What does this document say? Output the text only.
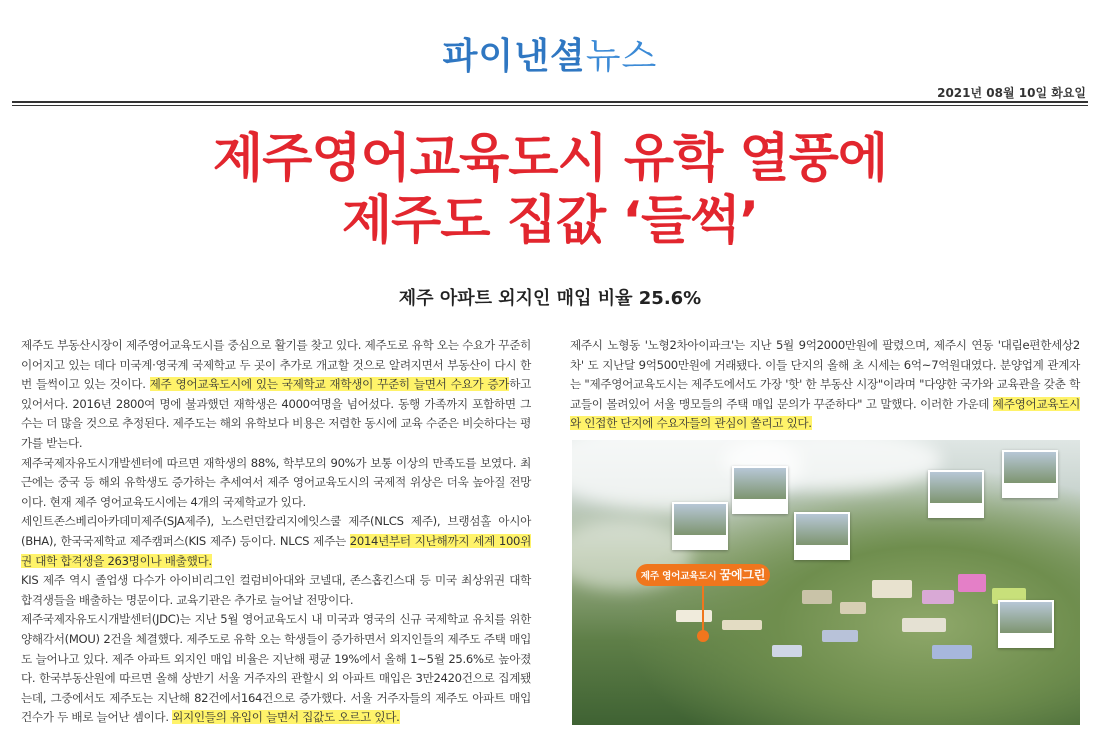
파이낸셜뉴스
2021년 08월 10일 화요일
제주영어교육도시 유학 열풍에
제주도 집값 ‘들썩’
제주 아파트 외지인 매입 비율 25.6%

제주도 부동산시장이 제주영어교육도시를 중심으로 활기를 찾고 있다. 제주도로 유학 오는 수요가 꾸준히 이어지고 있는 데다 미국계·영국계 국제학교 두 곳이 추가로 개교할 것으로 알려지면서 부동산이 다시 한번 들썩이고 있는 것이다. 제주 영어교육도시에 있는 국제학교 재학생이 꾸준히 늘면서 수요가 증가하고 있어서다. 2016년 2800여 명에 불과했던 재학생은 4000여명을 넘어섰다. 동행 가족까지 포함하면 그 수는 더 많을 것으로 추정된다. 제주도는 해외 유학보다 비용은 저렴한 동시에 교육 수준은 비슷하다는 평가를 받는다.

제주국제자유도시개발센터에 따르면 재학생의 88%, 학부모의 90%가 보통 이상의 만족도를 보였다. 최근에는 중국 등 해외 유학생도 증가하는 추세여서 제주 영어교육도시의 국제적 위상은 더욱 높아질 전망이다. 현재 제주 영어교육도시에는 4개의 국제학교가 있다.

세인트존스베리아카데미제주(SJA제주), 노스런던칼리지에잇스쿨 제주(NLCS 제주), 브랭섬홀 아시아(BHA), 한국국제학교 제주캠퍼스(KIS 제주) 등이다. NLCS 제주는 2014년부터 지난해까지 세계 100위권 대학 합격생을 263명이나 배출했다.

KIS 제주 역시 졸업생 다수가 아이비리그인 컬럼비아대와 코넬대, 존스홉킨스대 등 미국 최상위권 대학 합격생들을 배출하는 명문이다. 교육기관은 추가로 늘어날 전망이다.

제주국제자유도시개발센터(JDC)는 지난 5월 영어교육도시 내 미국과 영국의 신규 국제학교 유치를 위한 양해각서(MOU) 2건을 체결했다. 제주도로 유학 오는 학생들이 증가하면서 외지인들의 제주도 주택 매입도 늘어나고 있다. 제주 아파트 외지인 매입 비율은 지난해 평균 19%에서 올해 1~5월 25.6%로 높아졌다. 한국부동산원에 따르면 올해 상반기 서울 거주자의 관할시 외 아파트 매입은 3만2420건으로 집계됐는데, 그중에서도 제주도는 지난해 82건에서164건으로 증가했다. 서울 거주자들의 제주도 아파트 매입 건수가 두 배로 늘어난 셈이다. 외지인들의 유입이 늘면서 집값도 오르고 있다.

제주시 노형동 '노형2차아이파크'는 지난 5월 9억2000만원에 팔렸으며, 제주시 연동 '대림e편한세상2차' 도 지난달 9억500만원에 거래됐다. 이들 단지의 올해 초 시세는 6억~7억원대였다. 분양업계 관계자는 "제주영어교육도시는 제주도에서도 가장 '핫' 한 부동산 시장"이라며 "다양한 국가와 교육관을 갖춘 학교들이 몰려있어 서울 맹모들의 주택 매입 문의가 꾸준하다" 고 말했다. 이러한 가운데 제주영어교육도시와 인접한 단지에 수요자들의 관심이 쏠리고 있다.

제주 영어교육도시 꿈에그린
